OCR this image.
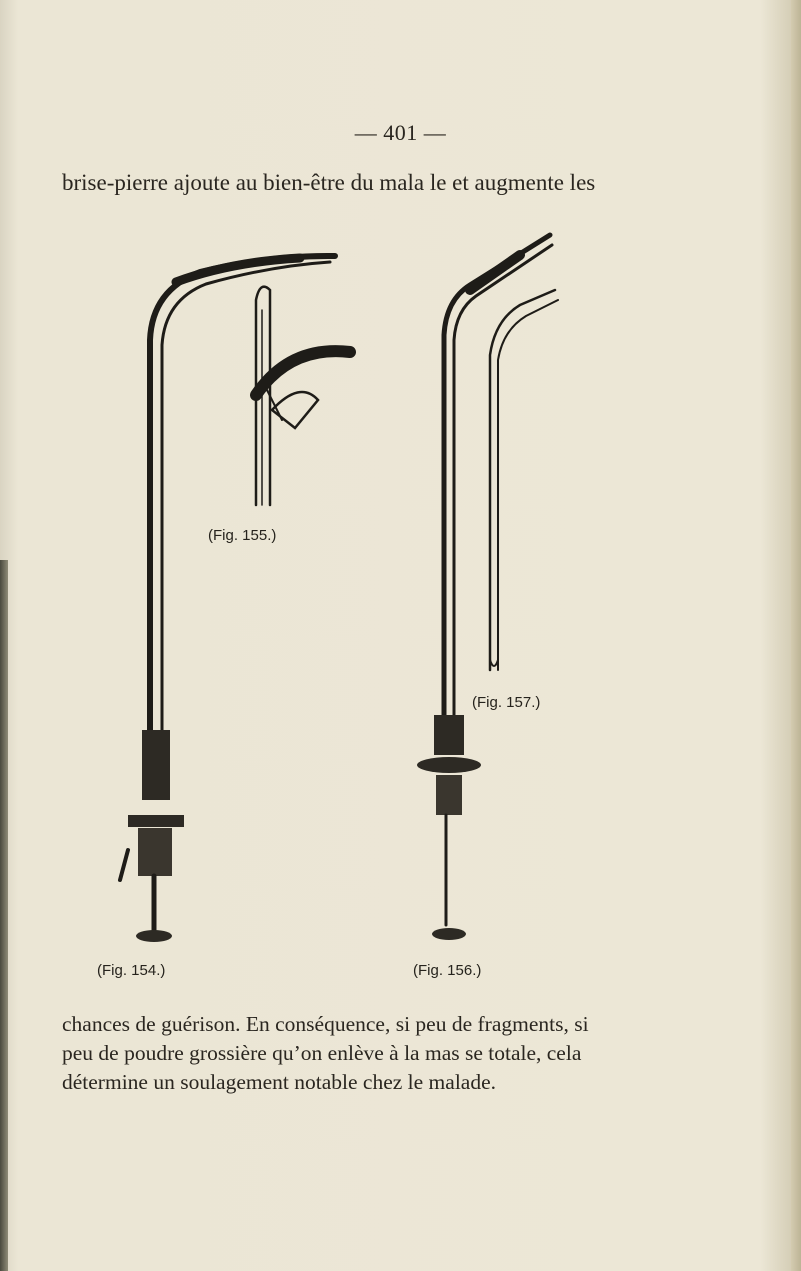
— 401 —
brise-pierre ajoute au bien-être du mala le et augmente les
(Fig. 155.)
(Fig. 157.)
(Fig. 154.)	(Fig. 156.)
chances de guérison. En conséquence, si peu de fragments, si
peu de poudre grossière qu’on enlève à la mas se totale, cela
détermine un soulagement notable chez le malade.
